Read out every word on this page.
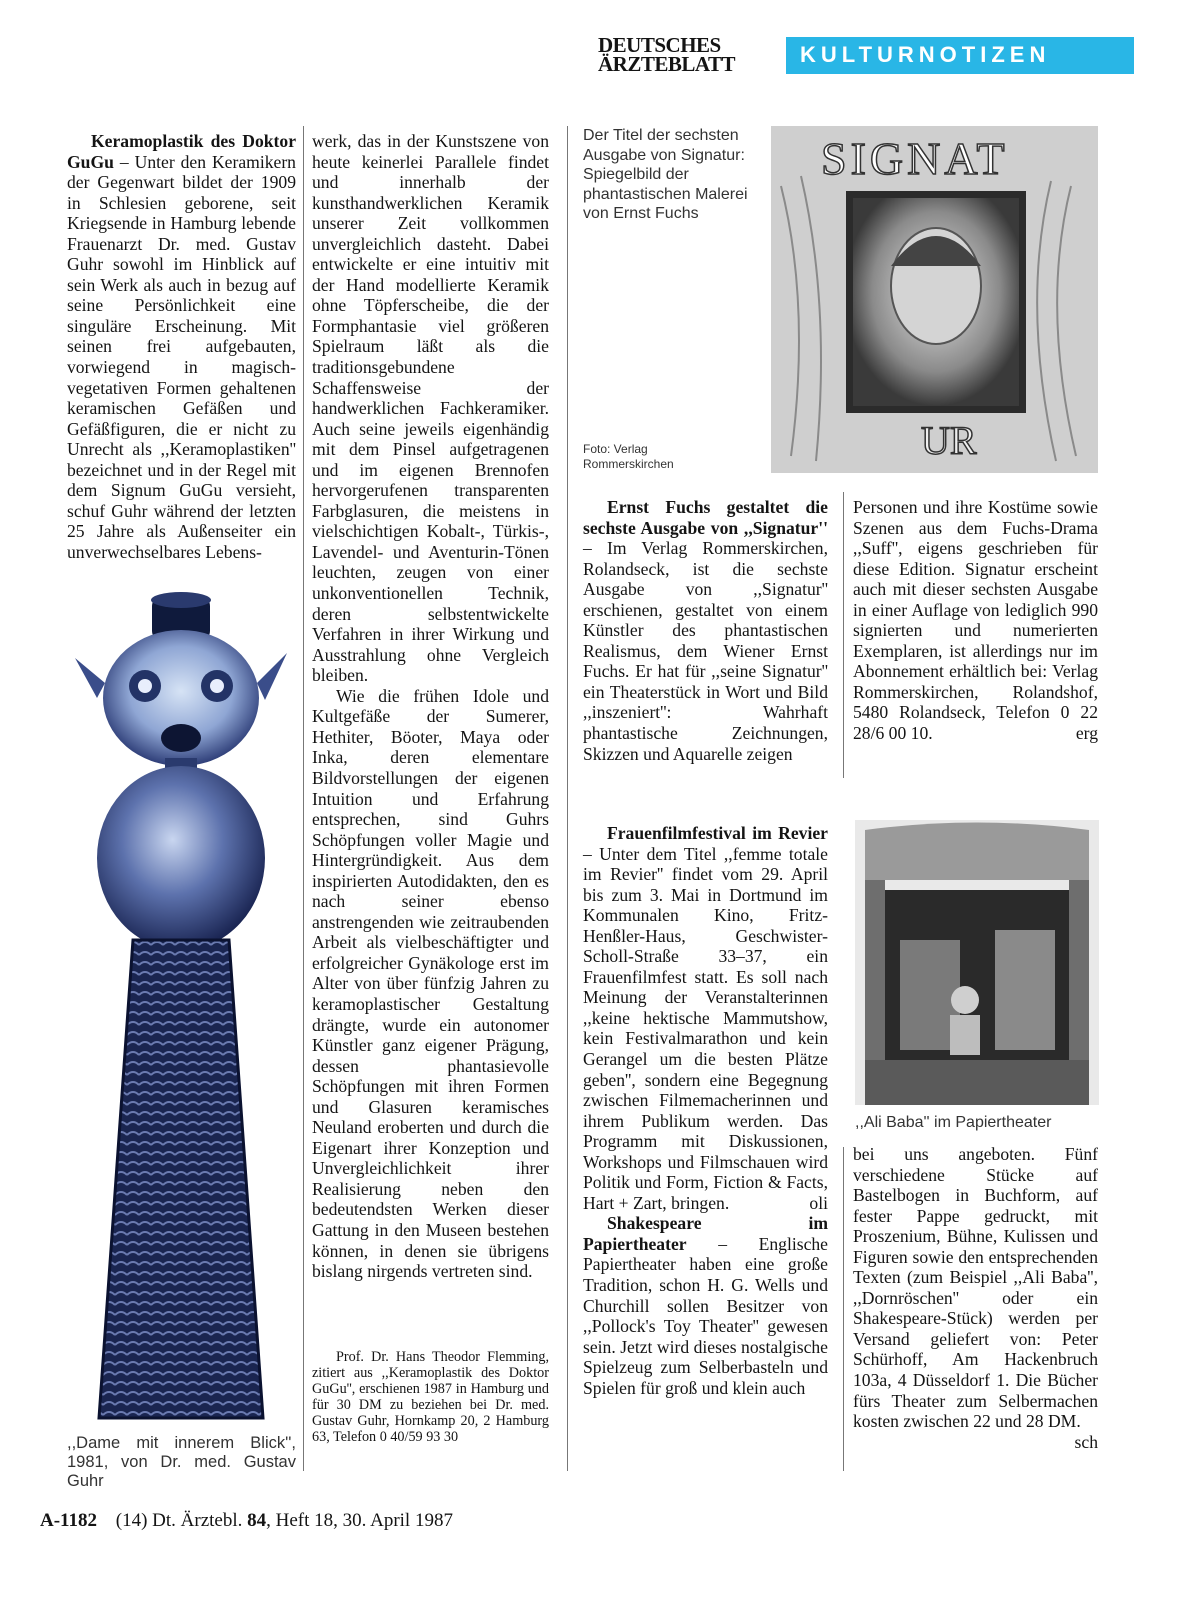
DEUTSCHES
ÄRZTEBLATT	KULTURNOTIZEN

Keramoplastik des Doktor GuGu – Unter den Keramikern der Gegenwart bildet der 1909 in Schlesien geborene, seit Kriegsende in Hamburg lebende Frauenarzt Dr. med. Gustav Guhr sowohl im Hinblick auf sein Werk als auch in bezug auf seine Persönlichkeit eine singuläre Erscheinung. Mit seinen frei aufgebauten, vorwiegend in magisch-vegetativen Formen gehaltenen keramischen Gefäßen und Gefäßfiguren, die er nicht zu Unrecht als ,,Keramoplastiken'' bezeichnet und in der Regel mit dem Signum GuGu versieht, schuf Guhr während der letzten 25 Jahre als Außenseiter ein unverwechselbares Lebens-

,,Dame mit innerem Blick'', 1981, von Dr. med. Gustav Guhr

werk, das in der Kunstszene von heute keinerlei Parallele findet und innerhalb der kunsthandwerklichen Keramik unserer Zeit vollkommen unvergleichlich dasteht. Dabei entwickelte er eine intuitiv mit der Hand modellierte Keramik ohne Töpferscheibe, die der Formphantasie viel größeren Spielraum läßt als die traditionsgebundene Schaffensweise der handwerklichen Fachkeramiker. Auch seine jeweils eigenhändig mit dem Pinsel aufgetragenen und im eigenen Brennofen hervorgerufenen transparenten Farbglasuren, die meistens in vielschichtigen Kobalt-, Türkis-, Lavendel- und Aventurin-Tönen leuchten, zeugen von einer unkonventionellen Technik, deren selbstentwickelte Verfahren in ihrer Wirkung und Ausstrahlung ohne Vergleich bleiben.

Wie die frühen Idole und Kultgefäße der Sumerer, Hethiter, Böoter, Maya oder Inka, deren elementare Bildvorstellungen der eigenen Intuition und Erfahrung entsprechen, sind Guhrs Schöpfungen voller Magie und Hintergründigkeit. Aus dem inspirierten Autodidakten, den es nach seiner ebenso anstrengenden wie zeitraubenden Arbeit als vielbeschäftigter und erfolgreicher Gynäkologe erst im Alter von über fünfzig Jahren zu keramoplastischer Gestaltung drängte, wurde ein autonomer Künstler ganz eigener Prägung, dessen phantasievolle Schöpfungen mit ihren Formen und Glasuren keramisches Neuland eroberten und durch die Eigenart ihrer Konzeption und Unvergleichlichkeit ihrer Realisierung neben den bedeutendsten Werken dieser Gattung in den Museen bestehen können, in denen sie übrigens bislang nirgends vertreten sind.

Prof. Dr. Hans Theodor Flemming, zitiert aus ,,Keramoplastik des Doktor GuGu'', erschienen 1987 in Hamburg und für 30 DM zu beziehen bei Dr. med. Gustav Guhr, Hornkamp 20, 2 Hamburg 63, Telefon 0 40/59 93 30
Der Titel der sechsten Ausgabe von Signatur: Spiegelbild der phantastischen Malerei von Ernst Fuchs
Foto: Verlag
Rommerskirchen
SIGNAT
UR

Ernst Fuchs gestaltet die sechste Ausgabe von ,,Signatur'' – Im Verlag Rommerskirchen, Rolandseck, ist die sechste Ausgabe von ,,Signatur'' erschienen, gestaltet von einem Künstler des phantastischen Realismus, dem Wiener Ernst Fuchs. Er hat für ,,seine Signatur'' ein Theaterstück in Wort und Bild ,,inszeniert'': Wahrhaft phantastische Zeichnungen, Skizzen und Aquarelle zeigen

Personen und ihre Kostüme sowie Szenen aus dem Fuchs-Drama ,,Suff'', eigens geschrieben für diese Edition. Signatur erscheint auch mit dieser sechsten Ausgabe in einer Auflage von lediglich 990 signierten und numerierten Exemplaren, ist allerdings nur im Abonnement erhältlich bei: Verlag Rommerskirchen, Rolandshof, 5480 Rolandseck, Telefon 0 22 28/6 00 10.	erg

Frauenfilmfestival im Revier – Unter dem Titel ,,femme totale im Revier'' findet vom 29. April bis zum 3. Mai in Dortmund im Kommunalen Kino, Fritz-Henßler-Haus, Geschwister-Scholl-Straße 33–37, ein Frauenfilmfest statt. Es soll nach Meinung der Veranstalterinnen ,,keine hektische Mammutshow, kein Festivalmarathon und kein Gerangel um die besten Plätze geben'', sondern eine Begegnung zwischen Filmemacherinnen und ihrem Publikum werden. Das Programm mit Diskussionen, Workshops und Filmschauen wird Politik und Form, Fiction & Facts, Hart + Zart, bringen.	oli

Shakespeare im Papiertheater – Englische Papiertheater haben eine große Tradition, schon H. G. Wells und Churchill sollen Besitzer von ,,Pollock's Toy Theater'' gewesen sein. Jetzt wird dieses nostalgische Spielzeug zum Selberbasteln und Spielen für groß und klein auch

,,Ali Baba'' im Papiertheater

bei uns angeboten. Fünf verschiedene Stücke auf Bastelbogen in Buchform, auf fester Pappe gedruckt, mit Proszenium, Bühne, Kulissen und Figuren sowie den entsprechenden Texten (zum Beispiel ,,Ali Baba'', ,,Dornröschen'' oder ein Shakespeare-Stück) werden per Versand geliefert von: Peter Schürhoff, Am Hackenbruch 103a, 4 Düsseldorf 1. Die Bücher fürs Theater zum Selbermachen kosten zwischen 22 und 28 DM.
sch

A-1182 (14) Dt. Ärztebl. 84, Heft 18, 30. April 1987
